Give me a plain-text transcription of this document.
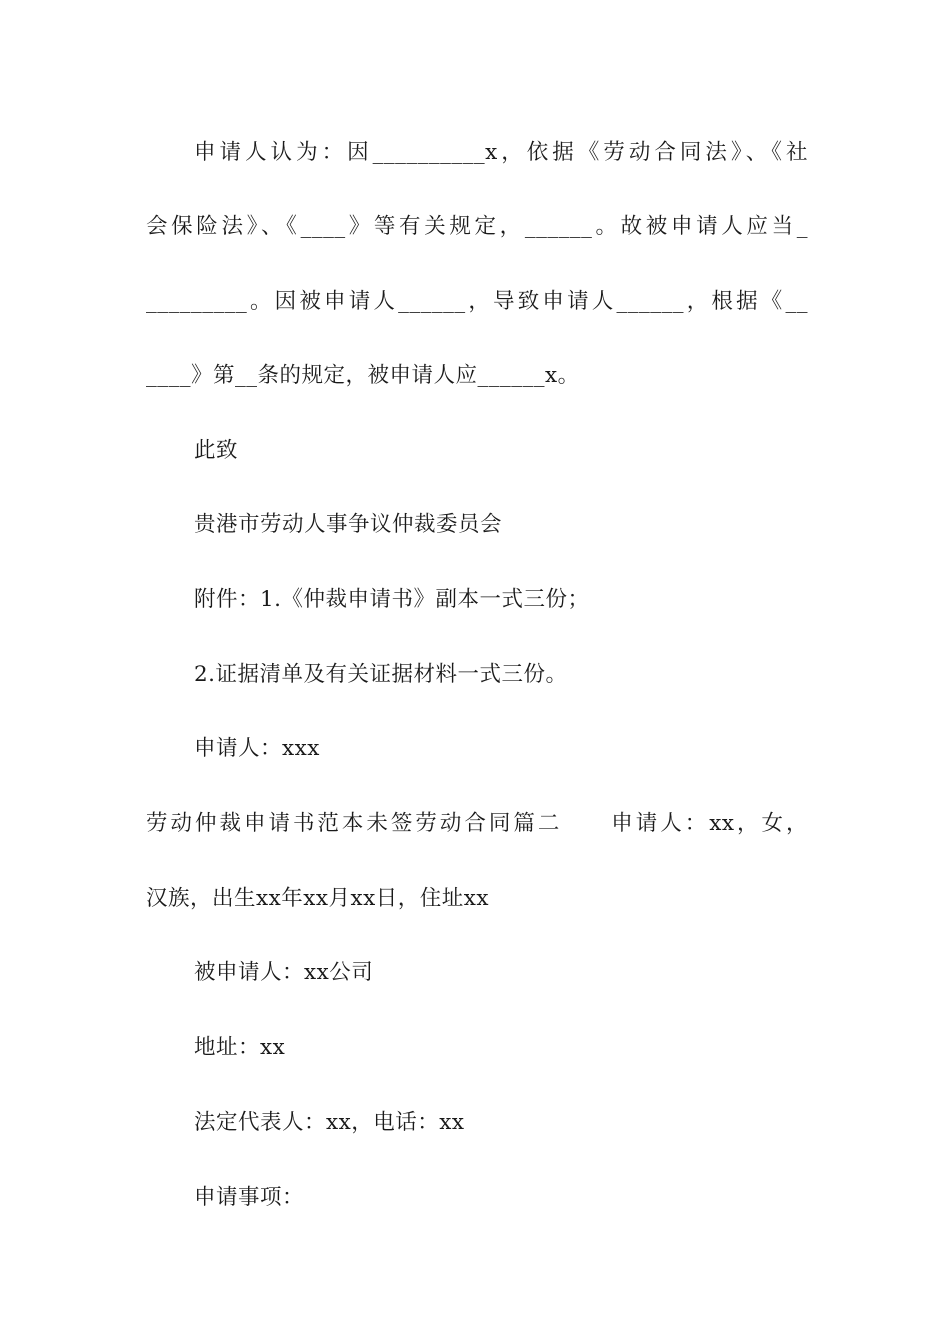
申请人认为：因__________x，依据《劳动合同法》、《社
会保险法》、《____》等有关规定，______。故被申请人应当_
_________。因被申请人______，导致申请人______，根据《__
____》第__条的规定，被申请人应______x。
此致
贵港市劳动人事争议仲裁委员会
附件：1.《仲裁申请书》副本一式三份；
2.证据清单及有关证据材料一式三份。
申请人：xxx
劳动仲裁申请书范本未签劳动合同篇二　　申请人：xx，女，
汉族，出生xx年xx月xx日，住址xx
被申请人：xx公司
地址：xx
法定代表人：xx，电话：xx
申请事项：
